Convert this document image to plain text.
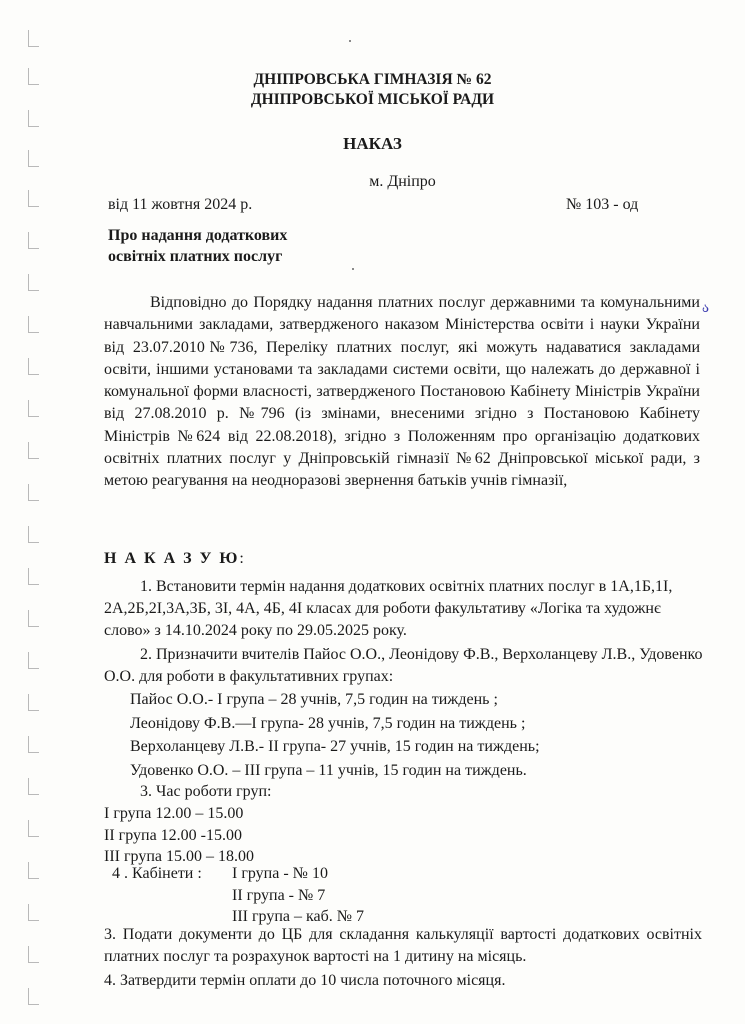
ა
ДНІПРОВСЬКА ГІМНАЗІЯ № 62
ДНІПРОВСЬКОЇ МІСЬКОЇ РАДИ
НАКАЗ
м. Дніпро
від 11 жовтня 2024 р.	№ 103 - од
Про надання додаткових
освітніх платних послуг
Відповідно до Порядку надання платних послуг державними та комунальними навчальними закладами, затвердженого наказом Міністерства освіти і науки України від 23.07.2010№736, Переліку платних послуг, які можуть надаватися закладами освіти, іншими установами та закладами системи освіти, що належать до державної і комунальної форми власності, затвердженого Постановою Кабінету Міністрів України від 27.08.2010 р. №796 (із змінами, внесеними згідно з Постановою Кабінету Міністрів №624 від 22.08.2018), згідно з Положенням про організацію додаткових освітніх платних послуг у Дніпровській гімназії №62 Дніпровської міської ради, з метою реагування на неодноразові звернення батьків учнів гімназії,
Н А К А З У Ю:
1. Встановити термін надання додаткових освітніх платних послуг в 1А,1Б,1І, 2А,2Б,2І,3А,3Б, 3І, 4А, 4Б, 4І класах для роботи факультативу «Логіка та художнє слово» з 14.10.2024 року по 29.05.2025 року.
2. Призначити вчителів Пайос О.О., Леонідову Ф.В., Верхоланцеву Л.В., Удовенко О.О. для роботи в факультативних групах:
Пайос О.О.- І група – 28 учнів, 7,5 годин на тиждень ;
Леонідову Ф.В.—І група- 28 учнів, 7,5 годин на тиждень ;
Верхоланцеву Л.В.- ІІ група- 27 учнів, 15 годин на тиждень;
Удовенко О.О. – ІІІ група – 11 учнів, 15 годин на тиждень.
3. Час роботи груп:
І група 12.00 – 15.00
ІІ група 12.00 -15.00
ІІІ група 15.00 – 18.00
4 . Кабінети : І група - № 10
ІІ група - № 7
ІІІ група – каб. № 7
3. Подати документи до ЦБ для складання калькуляції вартості додаткових освітніх платних послуг та розрахунок вартості на 1 дитину на місяць.
4. Затвердити термін оплати до 10 числа поточного місяця.
